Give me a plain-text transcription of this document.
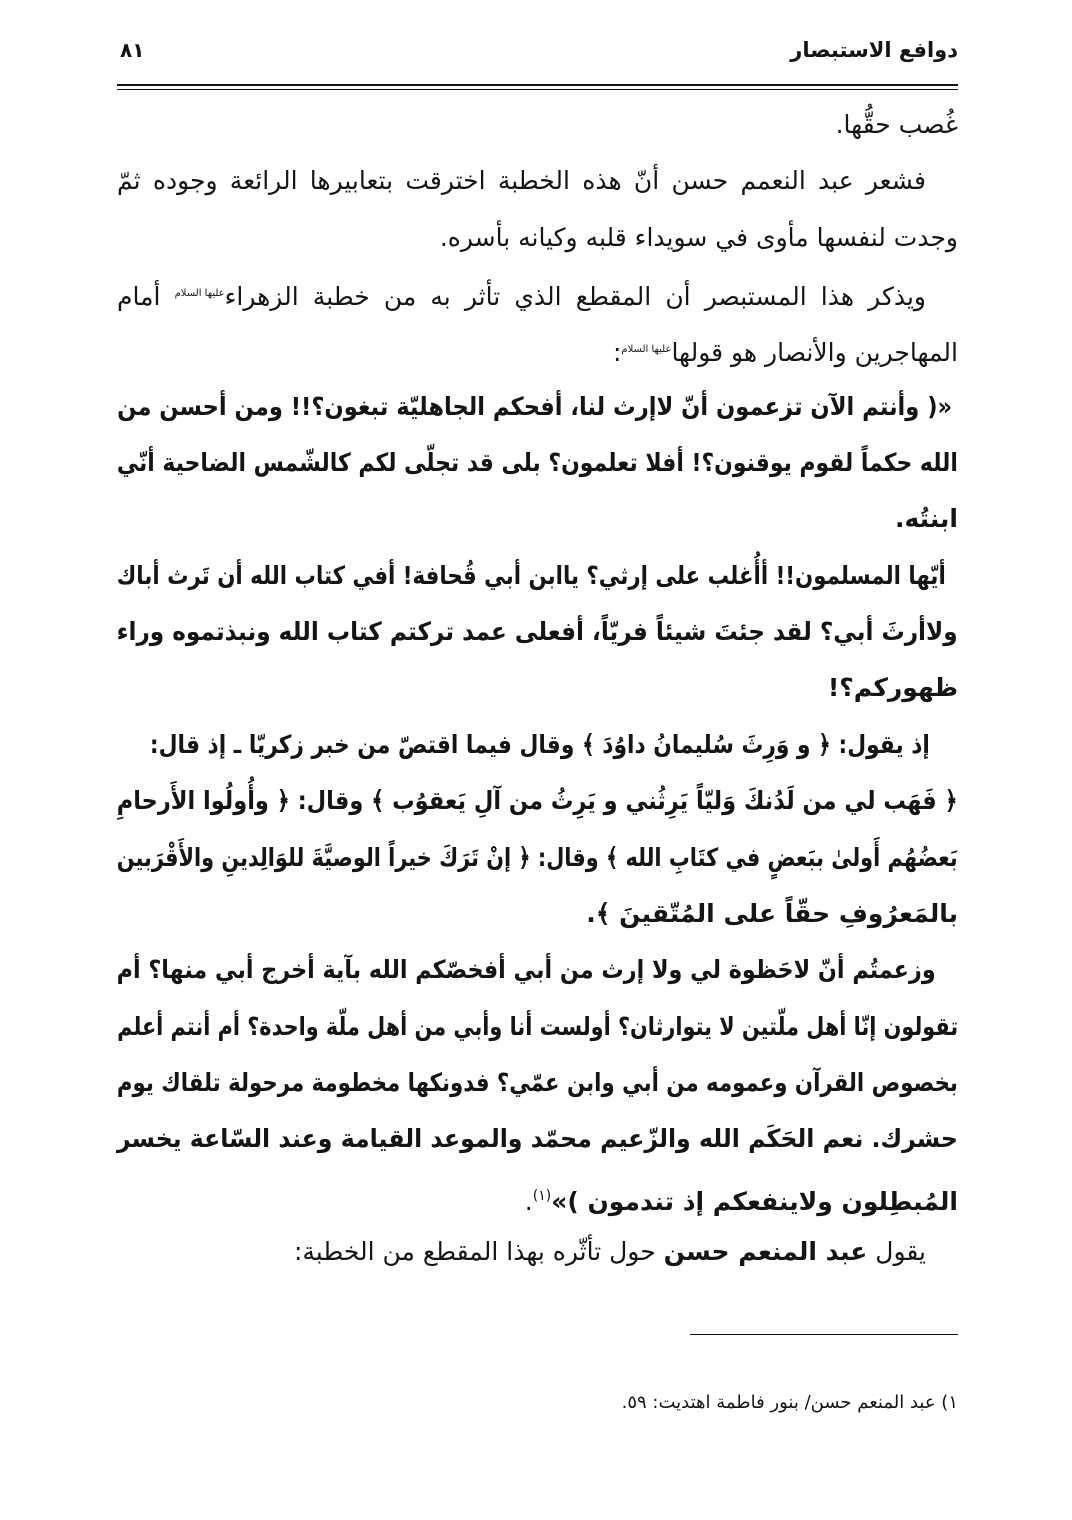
دوافع الاستبصار
٨١
غُصب حقُّها.
فشعر عبد النعمم حسن أنّ هذه الخطبة اخترقت بتعابيرها الرائعة وجوده ثمّ
وجدت لنفسها مأوى في سويداء قلبه وكيانه بأسره.
ويذكر هذا المستبصر أن المقطع الذي تأثر به من خطبة الزهراء$^{عليها السلام}$ أمام
المهاجرين والأنصار هو قولها$^{عليها السلام}$:
«( وأنتم الآن تزعمون أنّ لاإرث لنا، أفحكم الجاهليّة تبغون؟!! ومن أحسن من
الله حكماً لقوم يوقنون؟! أفلا تعلمون؟ بلى قد تجلّى لكم كالشّمس الضاحية أنّي
ابنتُه.
أيّها المسلمون!! أأُغلب على إرثي؟ ياابن أبي قُحافة! أفي كتاب الله أن تَرث أباك
ولاأرثَ أبي؟ لقد جئتَ شيئاً فريّاً، أفعلى عمد تركتم كتاب الله ونبذتموه وراء
ظهوركم؟!
إذ يقول: ﴿ و وَرِثَ سُليمانُ داوُدَ ﴾ وقال فيما اقتصّ من خبر زكريّا ـ إذ قال:
﴿ فَهَب لي من لَدُنكَ وَليّاً يَرِثُني و يَرِثُ من آلِ يَعقوُب ﴾ وقال: ﴿ وأُولُوا الأَرحامِ
بَعضُهُم أَولىٰ ببَعضٍ في كتَابِ الله ﴾ وقال: ﴿ إنْ تَرَكَ خيراً الوصيَّةَ للوَالِدينِ والأَقْرَبين
بالمَعرُوفِ حقّاً على المُتّقينَ ﴾.
وزعمتُم أنّ لاحَظوة لي ولا إرث من أبي أفخصّكم الله بآية أخرج أبي منها؟ أم
تقولون إنّا أهل ملّتين لا يتوارثان؟ أولست أنا وأبي من أهل ملّة واحدة؟ أم أنتم أعلم
بخصوص القرآن وعمومه من أبي وابن عمّي؟ فدونكها مخطومة مرحولة تلقاك يوم
حشرك. نعم الحَكَم الله والزّعيم محمّد والموعد القيامة وعند السّاعة يخسر
المُبطِلون ولاينفعكم إذ تندمون )»$^{(١)}$.
يقول عبد المنعم حسن حول تأثّره بهذا المقطع من الخطبة:
١) عبد المنعم حسن/ بنور فاطمة اهتديت: ٥٩.
